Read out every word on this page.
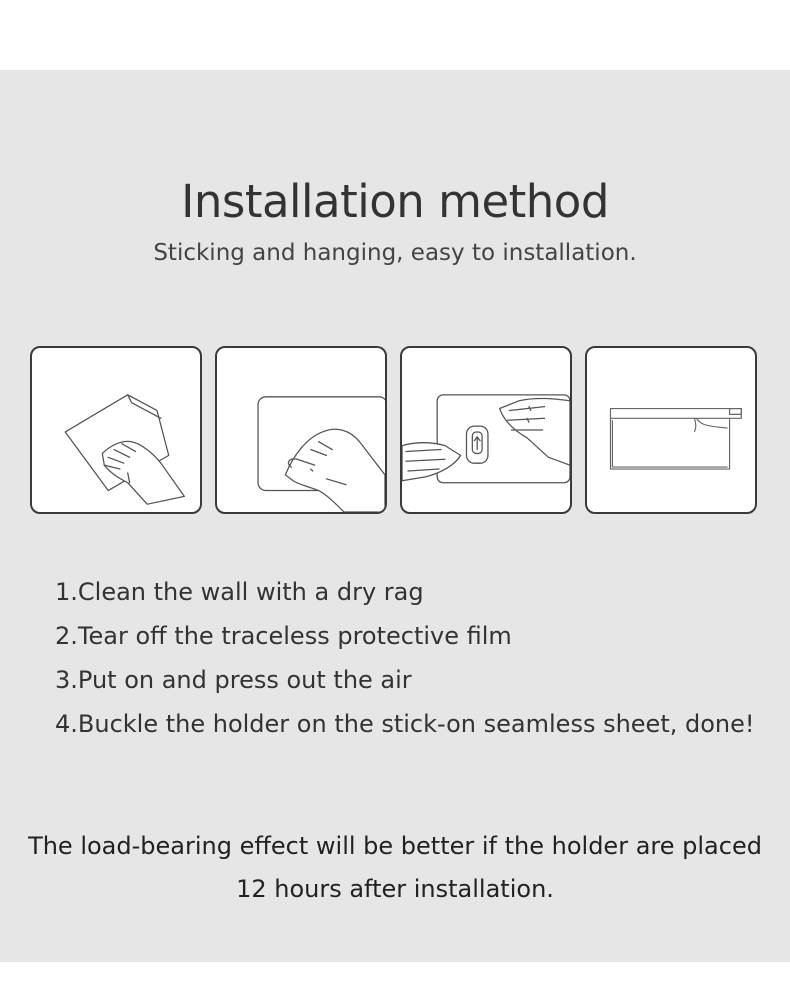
Installation method

Sticking and hanging, easy to installation.

1.Clean the wall with a dry rag
2.Tear off the traceless protective film
3.Put on and press out the air
4.Buckle the holder on the stick-on seamless sheet, done!

The load-bearing effect will be better if the holder are placed
12 hours after installation.
